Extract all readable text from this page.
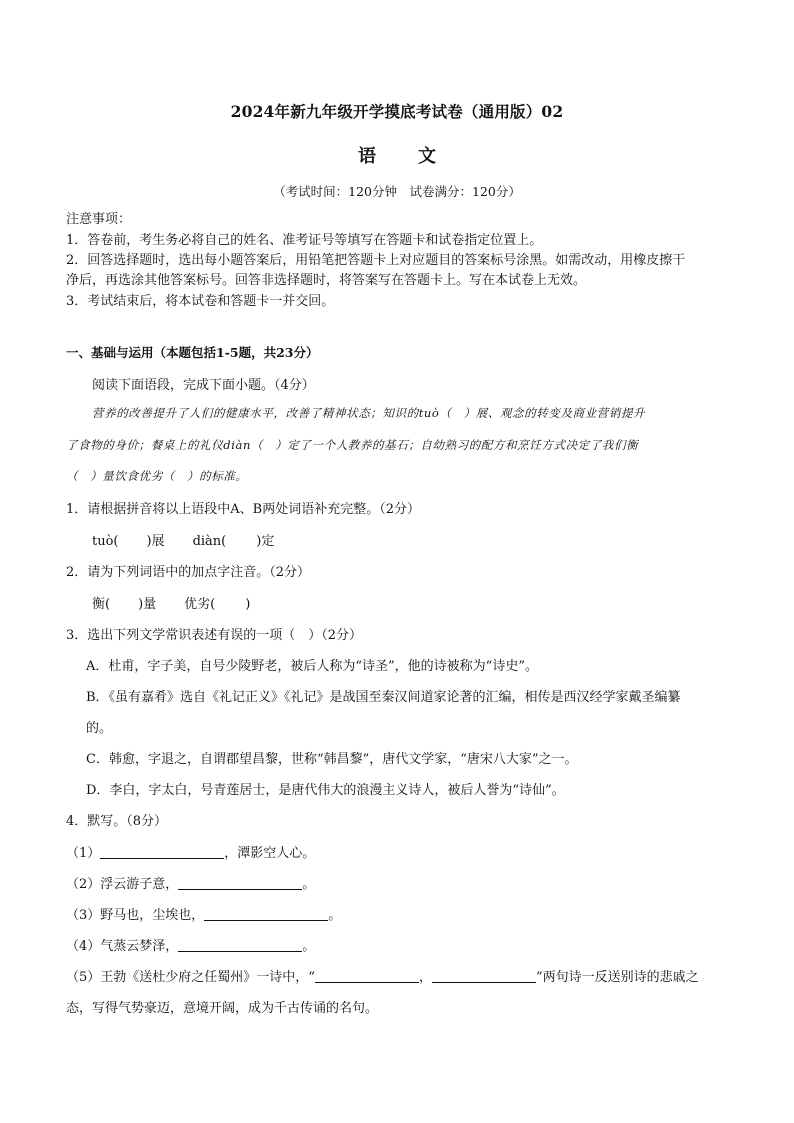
2024年新九年级开学摸底考试卷（通用版）02
语 文
（考试时间：120分钟　试卷满分：120分）
注意事项：
1．答卷前，考生务必将自己的姓名、准考证号等填写在答题卡和试卷指定位置上。
2．回答选择题时，选出每小题答案后，用铅笔把答题卡上对应题目的答案标号涂黑。如需改动，用橡皮擦干
净后，再选涂其他答案标号。回答非选择题时，将答案写在答题卡上。写在本试卷上无效。
3．考试结束后，将本试卷和答题卡一并交回。
一、基础与运用（本题包括1-5题，共23分）
阅读下面语段，完成下面小题。（4分）
营养的改善提升了人们的健康水平，改善了精神状态；知识的tuò（　）展、观念的转变及商业营销提升
了食物的身价；餐桌上的礼仪diàn（　）定了一个人教养的基石；自幼熟习的配方和烹饪方式决定了我们衡
（　）量饮食优劣（　）的标准。
1．请根据拼音将以上语段中A、B两处词语补充完整。（2分）
tuò( )展 diàn( )定
2．请为下列词语中的加点字注音。（2分）
衡( )量 优劣( )
3．选出下列文学常识表述有误的一项（　）（2分）
A．杜甫，字子美，自号少陵野老，被后人称为“诗圣”，他的诗被称为“诗史”。
B．《虽有嘉肴》选自《礼记正义》《礼记》是战国至秦汉间道家论著的汇编，相传是西汉经学家戴圣编纂
的。
C．韩愈，字退之，自谓郡望昌黎，世称“韩昌黎”，唐代文学家，“唐宋八大家”之一。
D．李白，字太白，号青莲居士，是唐代伟大的浪漫主义诗人，被后人誉为“诗仙”。
4．默写。（8分）
（1）	，潭影空人心。
（2）浮云游子意，	。
（3）野马也，尘埃也，	。
（4）气蒸云梦泽，	。
（5）王勃《送杜少府之任蜀州》一诗中，“	，	”两句诗一反送别诗的悲戚之
态，写得气势豪迈，意境开阔，成为千古传诵的名句。
